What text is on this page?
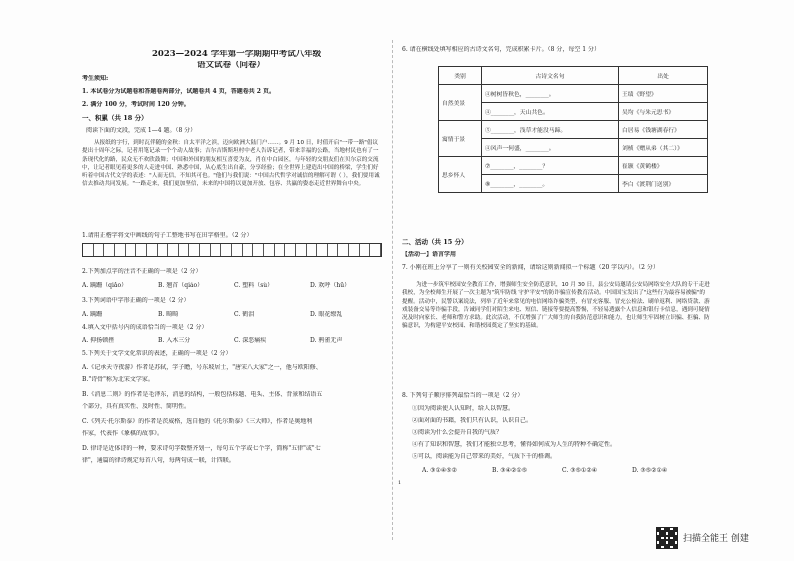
2023—2024 学年第一学期期中考试八年级
语文试卷（问卷）
考生须知:
1. 本试卷分为试题卷和答题卷两部分，试题卷共 4 页，答题卷共 2 页。
2. 满分 100 分，考试时间 120 分钟。
一、积累（共 18 分）
阅读下面的文段，完成 1—4 题。（8 分）
从报纸的字行，到时瓦伴随的金秋：自太平洋之滨，迈向欧洲大陆门户……。9 月 10 日，时值开启"一带一路"倡议提出十周年之际，记者用笔记录一个个动人故事；吉尔吉斯斯坦村中老人告诉记者，带来幸福的公路，当地村民也有了一条现代化的路，民众无不欢欣鼓舞；中国和外国的朋友相互喜爱为友，肖在中白园区，与年轻的交朋友们在贝尔京的交流中，让记者眼见着更多的人走进中国、熟悉中国，从心底生出自豪，分享经验；在全世界上建造出中国的桥梁，学生们好听着中国古代文学的表述："人而无信，不知其可也。"他们与我们说："中国古代哲学对诚信的理解可谓（ ），我们要用诚信去推动共同发展。"一路走来，我们更加坚信，未来的中国将以更加开放、包容、共赢的姿态走近世界舞台中央。
1.请用正楷字将文中画线的句子工整地书写在田字格里。（2 分）
2.下列加点字的注音不正确的一项是（2 分）
A. 蹒跚（qiǎo）	B. 翘首（qiáo）	C. 塑料（sù）	D. 欢呼（hū）
3.下列词语中字形正确的一项是（2 分）
A. 蹒跚	B. 畸畸	C. 鹤泪	D. 眼花缭乱
4.填入文中括号内的成语恰当的一项是（2 分）
A. 抑扬顿挫	B. 入木三分	C. 深恶痛疾	D. 鸦雀无声
5.下列关于文学文化常识的表述，正确的一项是（2 分）
A.《记承天寺夜游》作者是苏轼，字子瞻，号东坡居士，"唐宋八大家"之一，他与欧阳修、
B."诗骨"称为北宋文学家。
B.《消息二则》的作者是毛泽东，消息的结构，一般包括标题、电头、主体、背景和结语五
个部分，具有真实性、及时性、简明性。
C.《列夫·托尔斯泰》的作者是茨威格，选自他的《托尔斯泰》《三大师》，作者是奥地利
作家，代表作《象棋的故事》。
D. 律诗是近体诗的一种，要求诗句字数整齐划一，每句五个字或七个字，简称"五律"或"七
律"，通篇的律诗规定每首八句，每两句成一联，计四联。
6. 请在横线处填写相应的古诗文名句，完成积累卡片。（8 分，每空 1 分）
类别	古诗文名句	出处
自然美景	④树树皆秋色，________。	王绩《野望》
	④________，天山共色。	吴均《与朱元思书》
寓情于景	⑤________，浅草才能没马蹄。	白居易《钱塘湖春行》
	④风声一何盛，________。	刘桢《赠从弟（其二）》
思乡怀人	⑦________，________？	崔颢《黄鹤楼》
	⑧________，________。	李白《渡荆门送别》
二、活动（共 15 分）
【活动一】语言学用
7. 小刚在班上分享了一则有关校园安全的新闻，请给这则新闻拟一个标题（20 字以内）。（2 分）
为进一步筑牢校园安全教育工作，增强师生安全防范意识，10 月 30 日，县公安局邀请公安局网络安全大队的专干走进我校，为全校师生开展了一次主题为"筑牢防线 守护平安"的防诈骗宣传教育活动。中国国宝发出了"这些行为最容易被骗"的提醒。活动中，民警以案说法，列举了近年来常见的电信网络诈骗类型，有冒充客服、冒充公检法、刷单返利、网络贷款、游戏装备交易等诈骗手段，告诫同学们对陌生来电、短信、链接等要提高警惕，不轻易透露个人信息和银行卡信息，遇到可疑情况及时向家长、老师和警方求助。此次活动，不仅增强了广大师生的自我防范意识和能力，也让师生牢固树立识骗、拒骗、防骗意识，为构建平安校园、和谐校园奠定了坚实的基础。
8. 下列句子顺序排列最恰当的一项是（2 分）
①因为阅读使人认知时，给人以智慧。
②面对面的书籍，我们只有认识，认识自己。
③阅读为什么会提升自我的气质？
④有了知识和智慧，我们才能独立思考，懂得如何成为人生的特种不确定性。
⑤可以，阅读能为自己带来的美好，气质下千的格调。
A. ③①④⑤②	B. ③④②①⑤	C. ③⑤①②④	D. ③⑤②①④
1
扫描全能王 创建
